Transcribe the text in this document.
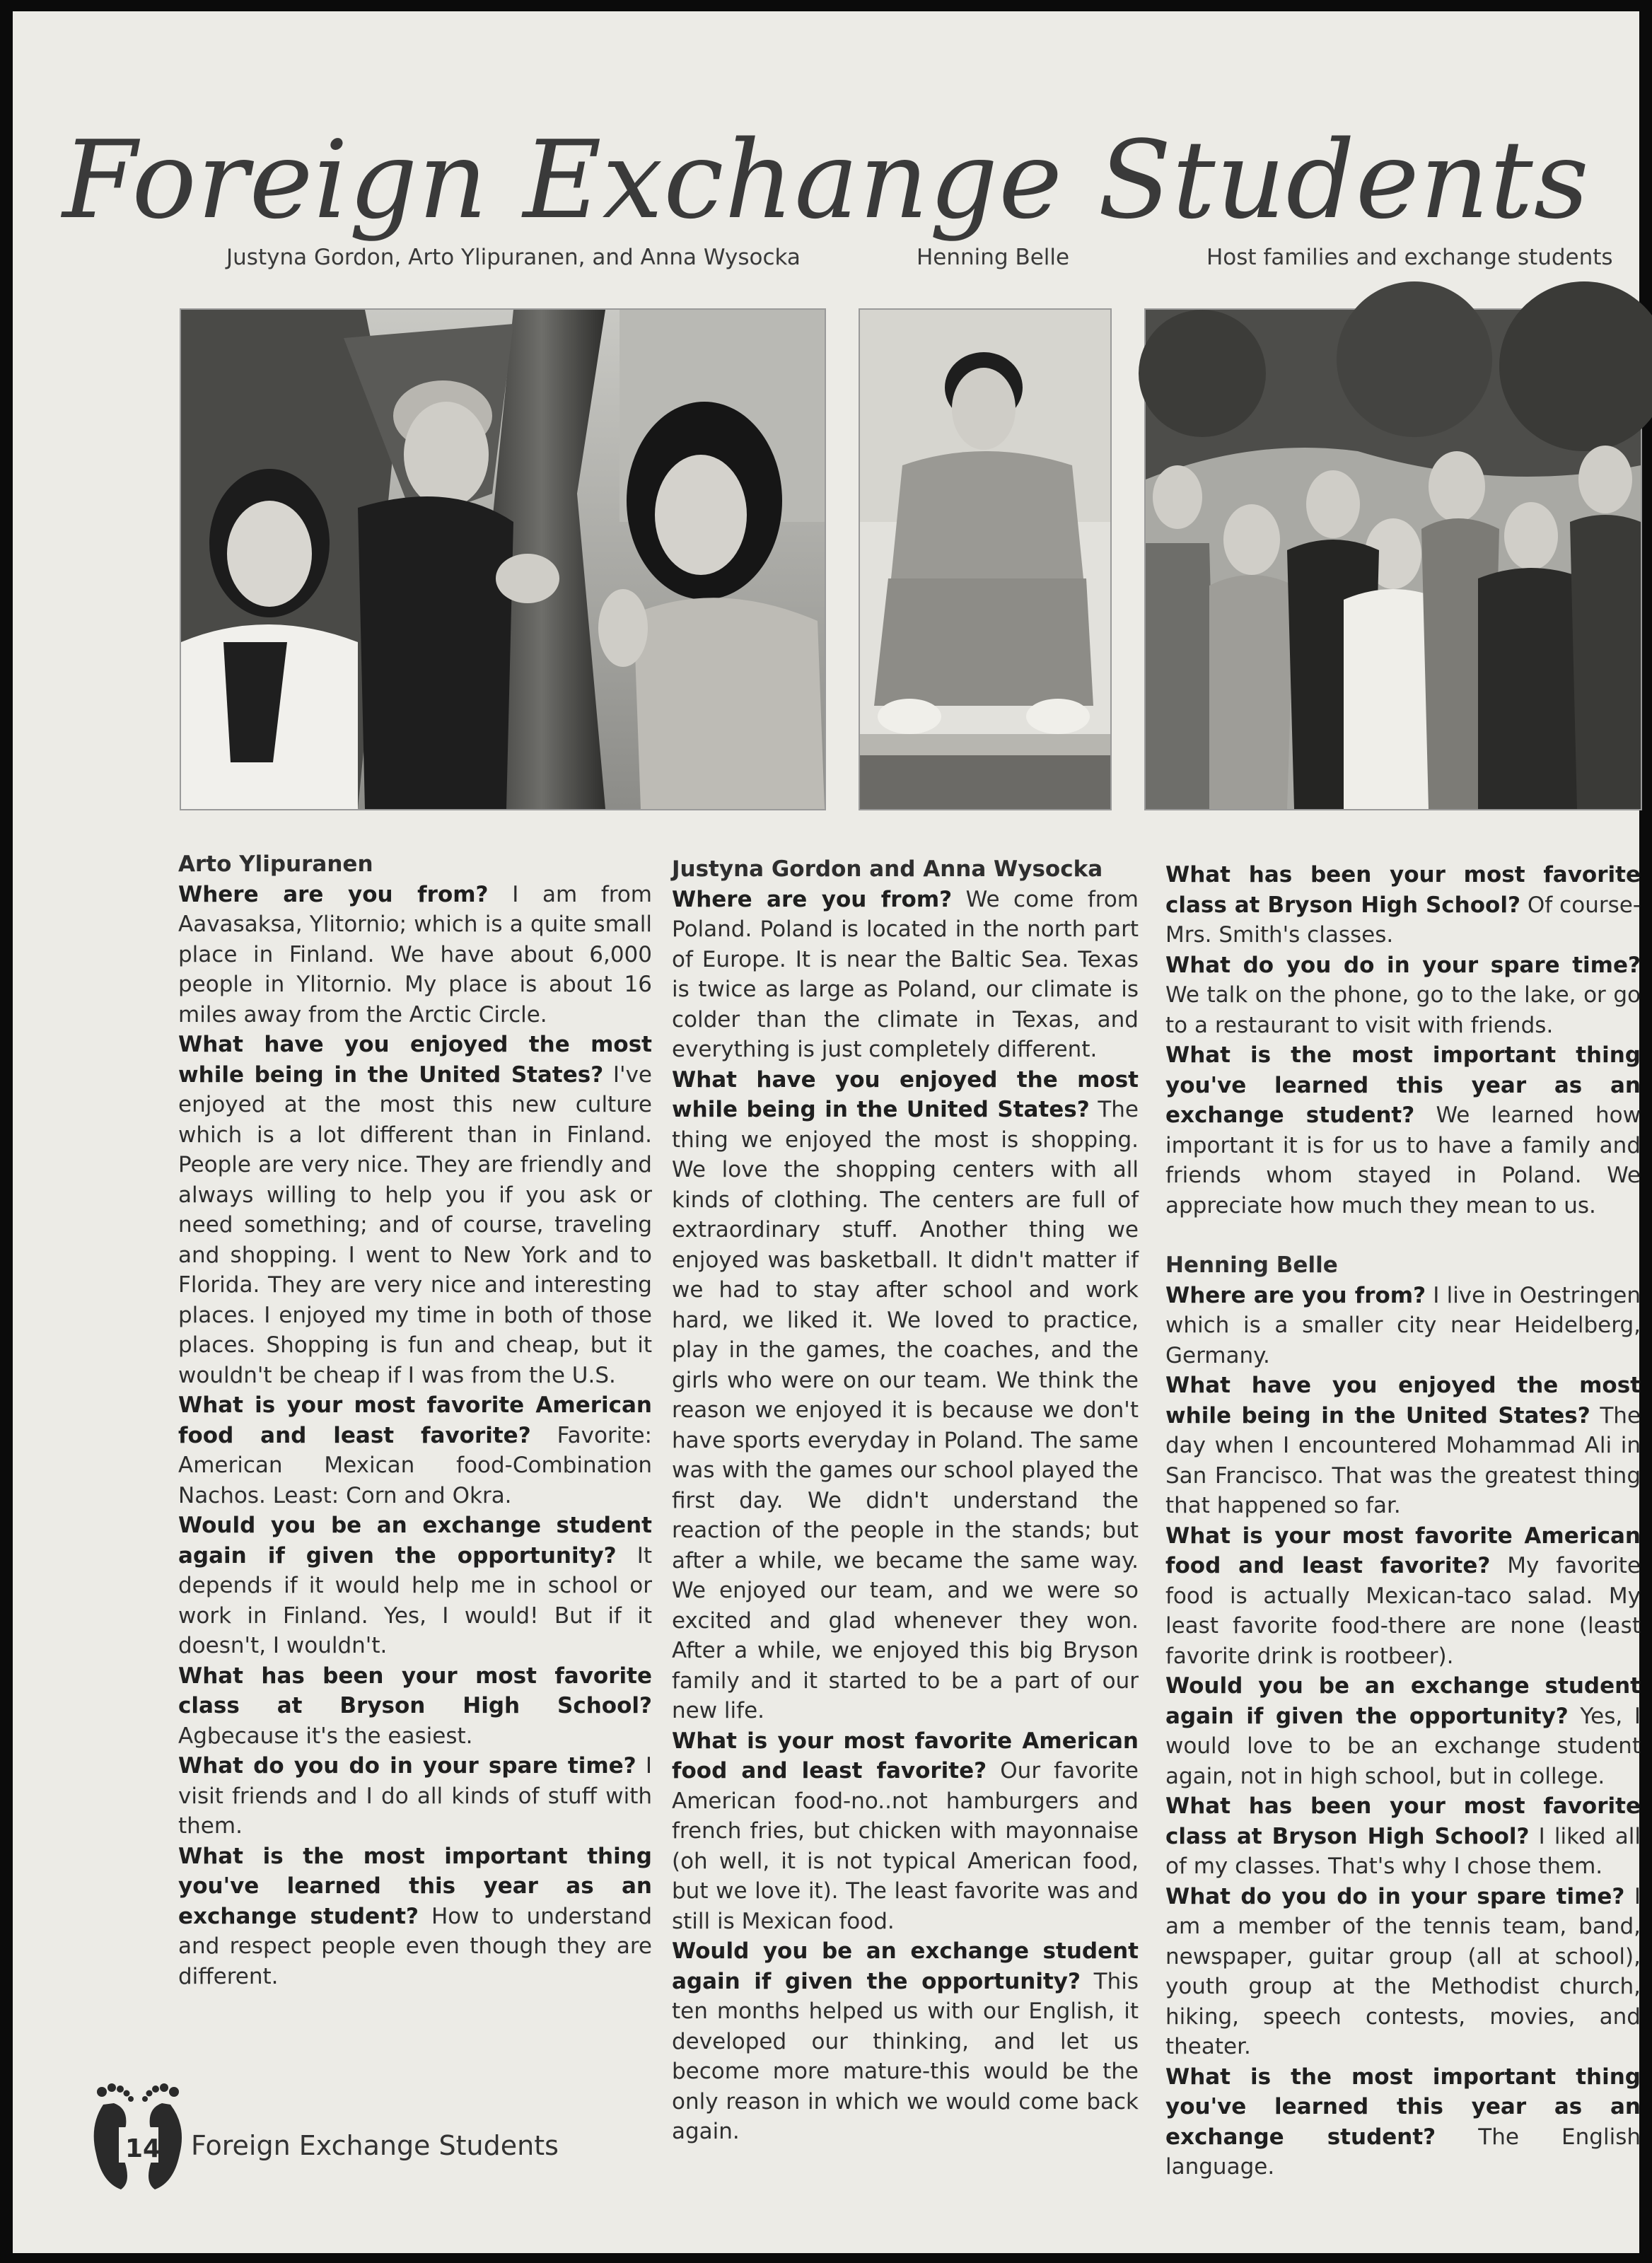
Foreign Exchange Students
Justyna Gordon, Arto Ylipuranen, and Anna Wysocka	Henning Belle	Host families and exchange students

Arto Ylipuranen

Where are you from? I am from Aavasaksa, Ylitornio; which is a quite small place in Finland. We have about 6,000 people in Ylitornio. My place is about 16 miles away from the Arctic Circle.

What have you enjoyed the most while being in the United States? I've enjoyed at the most this new culture which is a lot different than in Finland. People are very nice. They are friendly and always willing to help you if you ask or need something; and of course, traveling and shopping. I went to New York and to Florida. They are very nice and interesting places. I enjoyed my time in both of those places. Shopping is fun and cheap, but it wouldn't be cheap if I was from the U.S.

What is your most favorite American food and least favorite? Favorite: American Mexican food-Combination Nachos. Least: Corn and Okra.

Would you be an exchange student again if given the opportunity? It depends if it would help me in school or work in Finland. Yes, I would! But if it doesn't, I wouldn't.

What has been your most favorite class at Bryson High School? Agbecause it's the easiest.

What do you do in your spare time? I visit friends and I do all kinds of stuff with them.

What is the most important thing you've learned this year as an exchange student? How to understand and respect people even though they are different.

Justyna Gordon and Anna Wysocka

Where are you from? We come from Poland. Poland is located in the north part of Europe. It is near the Baltic Sea. Texas is twice as large as Poland, our climate is colder than the climate in Texas, and everything is just completely different.

What have you enjoyed the most while being in the United States? The thing we enjoyed the most is shopping. We love the shopping centers with all kinds of clothing. The centers are full of extraordinary stuff. Another thing we enjoyed was basketball. It didn't matter if we had to stay after school and work hard, we liked it. We loved to practice, play in the games, the coaches, and the girls who were on our team. We think the reason we enjoyed it is because we don't have sports everyday in Poland. The same was with the games our school played the first day. We didn't understand the reaction of the people in the stands; but after a while, we became the same way. We enjoyed our team, and we were so excited and glad whenever they won. After a while, we enjoyed this big Bryson family and it started to be a part of our new life.

What is your most favorite American food and least favorite? Our favorite American food-no..not hamburgers and french fries, but chicken with mayonnaise (oh well, it is not typical American food, but we love it). The least favorite was and still is Mexican food.

Would you be an exchange student again if given the opportunity? This ten months helped us with our English, it developed our thinking, and let us become more mature-this would be the only reason in which we would come back again.

What has been your most favorite class at Bryson High School? Of course-Mrs. Smith's classes.

What do you do in your spare time? We talk on the phone, go to the lake, or go to a restaurant to visit with friends.

What is the most important thing you've learned this year as an exchange student? We learned how important it is for us to have a family and friends whom stayed in Poland. We appreciate how much they mean to us.

Henning Belle

Where are you from? I live in Oestringen which is a smaller city near Heidelberg, Germany.

What have you enjoyed the most while being in the United States? The day when I encountered Mohammad Ali in San Francisco. That was the greatest thing that happened so far.

What is your most favorite American food and least favorite? My favorite food is actually Mexican-taco salad. My least favorite food-there are none (least favorite drink is rootbeer).

Would you be an exchange student again if given the opportunity? Yes, I would love to be an exchange student again, not in high school, but in college.

What has been your most favorite class at Bryson High School? I liked all of my classes. That's why I chose them.

What do you do in your spare time? I am a member of the tennis team, band, newspaper, guitar group (all at school), youth group at the Methodist church, hiking, speech contests, movies, and theater.

What is the most important thing you've learned this year as an exchange student? The English language.

14 Foreign Exchange Students
